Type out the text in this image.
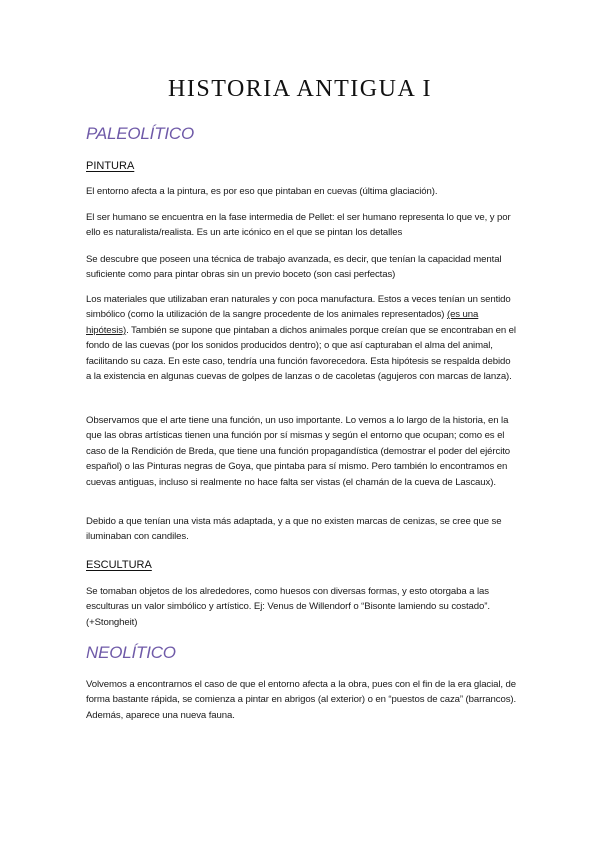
HISTORIA ANTIGUA I
PALEOLÍTICO
PINTURA

El entorno afecta a la pintura, es por eso que pintaban en cuevas (última glaciación).

El ser humano se encuentra en la fase intermedia de Pellet: el ser humano representa lo que ve, y por ello es naturalista/realista. Es un arte icónico en el que se pintan los detalles

Se descubre que poseen una técnica de trabajo avanzada, es decir, que tenían la capacidad mental suficiente como para pintar obras sin un previo boceto (son casi perfectas)

Los materiales que utilizaban eran naturales y con poca manufactura. Estos a veces tenían un sentido simbólico (como la utilización de la sangre procedente de los animales representados) (es una hipótesis). También se supone que pintaban a dichos animales porque creían que se encontraban en el fondo de las cuevas (por los sonidos producidos dentro); o que así capturaban el alma del animal, facilitando su caza. En este caso, tendría una función favorecedora. Esta hipótesis se respalda debido a la existencia en algunas cuevas de golpes de lanzas o de cacoletas (agujeros con marcas de lanza).

Observamos que el arte tiene una función, un uso importante. Lo vemos a lo largo de la historia, en la que las obras artísticas tienen una función por sí mismas y según el entorno que ocupan; como es el caso de la Rendición de Breda, que tiene una función propagandística (demostrar el poder del ejército español) o las Pinturas negras de Goya, que pintaba para sí mismo. Pero también lo encontramos en cuevas antiguas, incluso si realmente no hace falta ser vistas (el chamán de la cueva de Lascaux).

Debido a que tenían una vista más adaptada, y a que no existen marcas de cenizas, se cree que se iluminaban con candiles.

ESCULTURA

Se tomaban objetos de los alrededores, como huesos con diversas formas, y esto otorgaba a las esculturas un valor simbólico y artístico. Ej: Venus de Willendorf o “Bisonte lamiendo su costado”. (+Stongheit)

NEOLÍTICO

Volvemos a encontrarnos el caso de que el entorno afecta a la obra, pues con el fin de la era glacial, de forma bastante rápida, se comienza a pintar en abrigos (al exterior) o en “puestos de caza” (barrancos). Además, aparece una nueva fauna.
